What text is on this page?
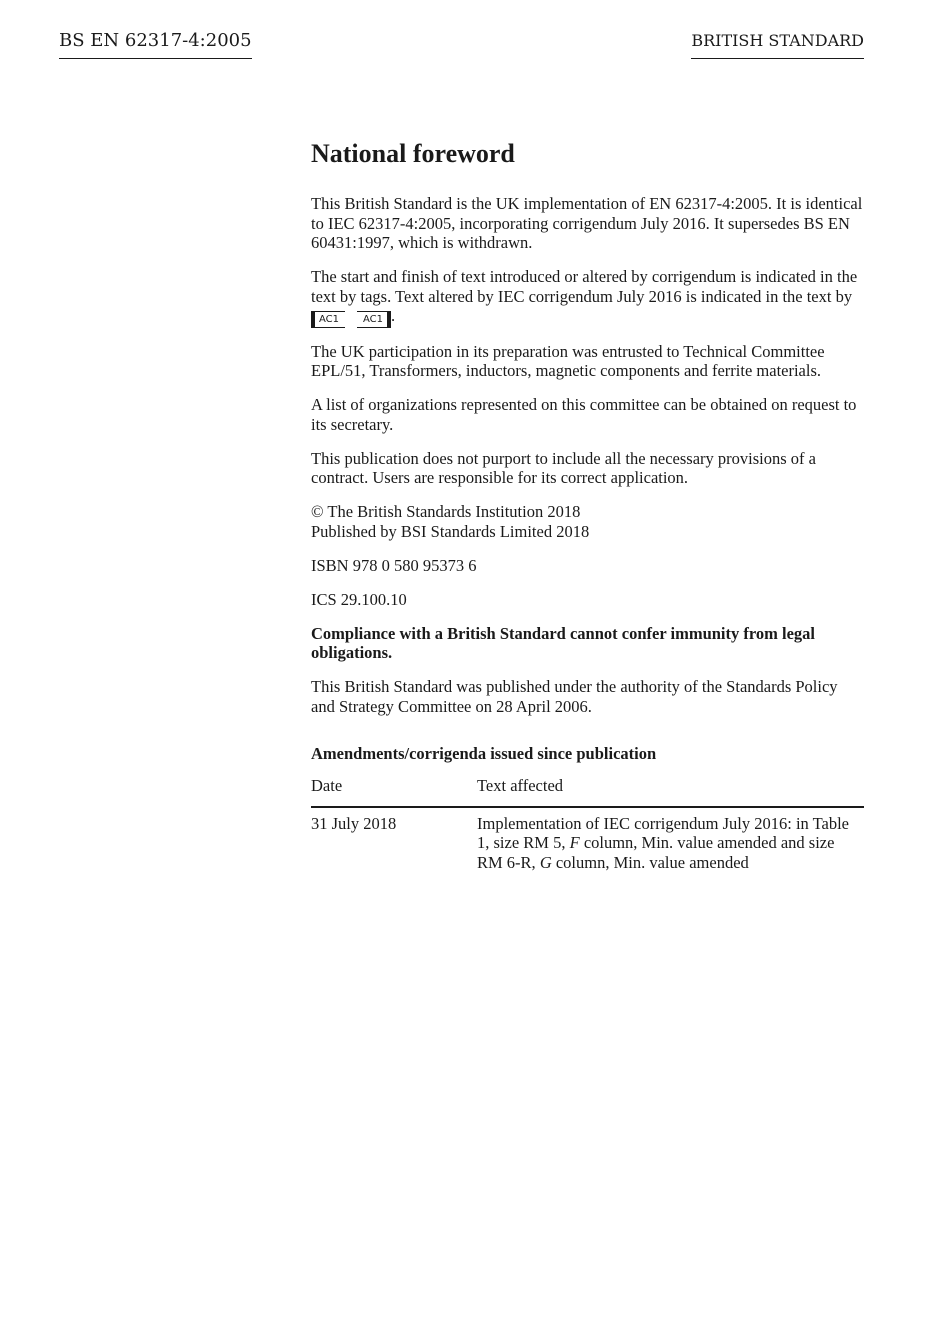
BS EN 62317-4:2005	BRITISH STANDARD
National foreword

This British Standard is the UK implementation of EN 62317-4:2005. It is identical to IEC 62317-4:2005, incorporating corrigendum July 2016. It supersedes BS EN 60431:1997, which is withdrawn.

The start and finish of text introduced or altered by corrigendum is indicated in the text by tags. Text altered by IEC corrigendum July 2016 is indicated in the text by AC1 AC1 .

The UK participation in its preparation was entrusted to Technical Committee EPL/51, Transformers, inductors, magnetic components and ferrite materials.

A list of organizations represented on this committee can be obtained on request to its secretary.

This publication does not purport to include all the necessary provisions of a contract. Users are responsible for its correct application.

© The British Standards Institution 2018
Published by BSI Standards Limited 2018

ISBN 978 0 580 95373 6

ICS 29.100.10

Compliance with a British Standard cannot confer immunity from legal obligations.

This British Standard was published under the authority of the Standards Policy and Strategy Committee on 28 April 2006.

Amendments/corrigenda issued since publication
Date	Text affected
31 July 2018	Implementation of IEC corrigendum July 2016: in Table 1, size RM 5, F column, Min. value amended and size RM 6-R, G column, Min. value amended
